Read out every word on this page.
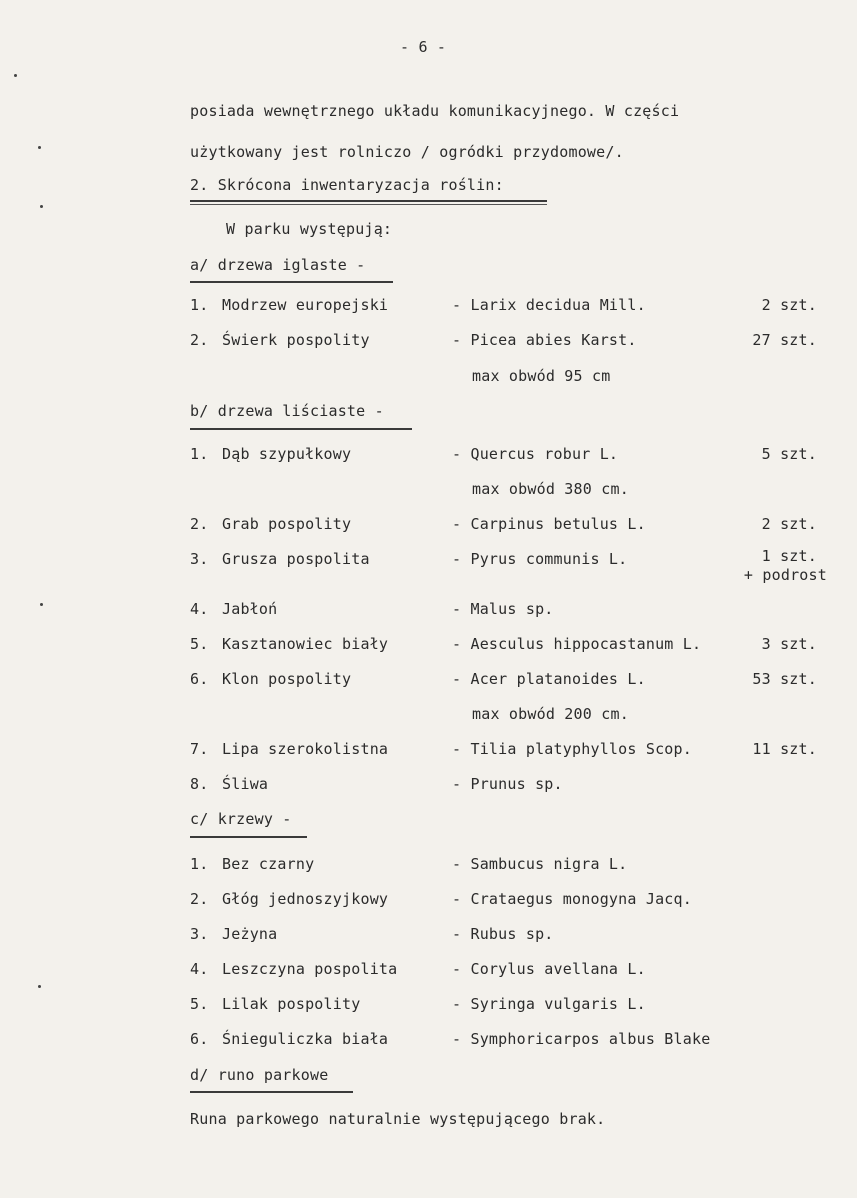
- 6 -
posiada wewnętrznego układu komunikacyjnego. W części
użytkowany jest rolniczo / ogródki przydomowe/.
2. Skrócona inwentaryzacja roślin:
W parku występują:
a/ drzewa iglaste -
1. Modrzew europejski	- Larix decidua Mill.	2 szt.
2. Świerk pospolity	- Picea abies Karst.	27 szt.
max obwód 95 cm
b/ drzewa liściaste -
1. Dąb szypułkowy	- Quercus robur L.	5 szt.
max obwód 380 cm.
2. Grab pospolity	- Carpinus betulus L.	2 szt.
3. Grusza pospolita	- Pyrus communis L.	1 szt.
+ podrost
4. Jabłoń	- Malus sp.
5. Kasztanowiec biały	- Aesculus hippocastanum L.	3 szt.
6. Klon pospolity	- Acer platanoides L.	53 szt.
max obwód 200 cm.
7. Lipa szerokolistna	- Tilia platyphyllos Scop.	11 szt.
8. Śliwa	- Prunus sp.
c/ krzewy -
1. Bez czarny	- Sambucus nigra L.
2. Głóg jednoszyjkowy	- Crataegus monogyna Jacq.
3. Jeżyna	- Rubus sp.
4. Leszczyna pospolita	- Corylus avellana L.
5. Lilak pospolity	- Syringa vulgaris L.
6. Śnieguliczka biała	- Symphoricarpos albus Blake
d/ runo parkowe
Runa parkowego naturalnie występującego brak.
